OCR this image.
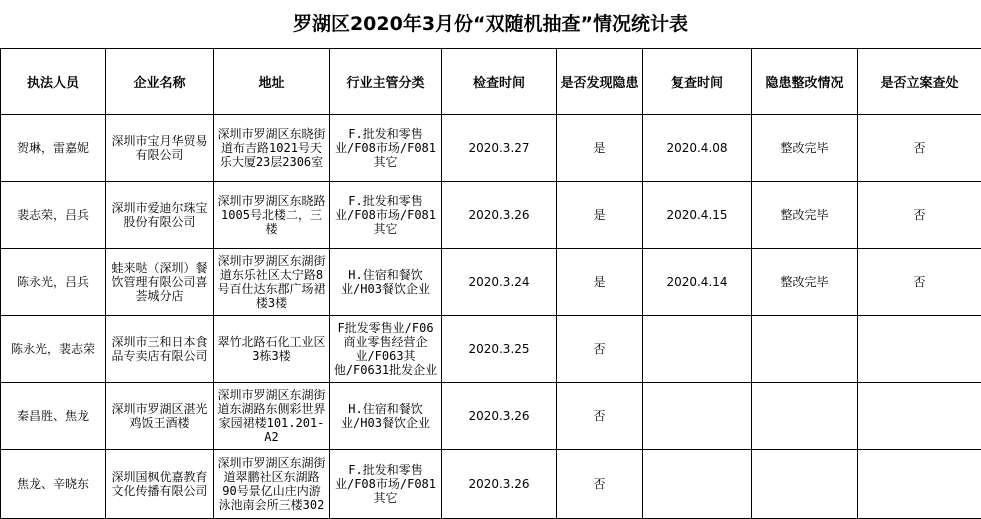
罗湖区2020年3月份“双随机抽查”情况统计表
执法人员	企业名称	地址	行业主管分类	检查时间	是否发现隐患	复查时间	隐患整改情况	是否立案查处
贺琳，雷嘉妮	深圳市宝月华贸易有限公司	深圳市罗湖区东晓街道布吉路1021号天乐大厦23层2306室	F.批发和零售业/F08市场/F081其它	2020.3.27	是	2020.4.08	整改完毕	否
裴志荣，吕兵	深圳市爱迪尔珠宝股份有限公司	深圳市罗湖区东晓路1005号北楼二，三楼	F.批发和零售业/F08市场/F081其它	2020.3.26	是	2020.4.15	整改完毕	否
陈永光，吕兵	蛙来哒（深圳）餐饮管理有限公司喜荟城分店	深圳市罗湖区东湖街道东乐社区太宁路8号百仕达东郡广场裙楼3楼	H.住宿和餐饮业/H03餐饮企业	2020.3.24	是	2020.4.14	整改完毕	否
陈永光，裴志荣	深圳市三和日本食品专卖店有限公司	翠竹北路石化工业区3栋3楼	F批发零售业/F06商业零售经营企业/F063其他/F0631批发企业	2020.3.25	否			
秦昌胜、焦龙	深圳市罗湖区湛光鸡饭王酒楼	深圳市罗湖区东湖街道东湖路东侧彩世界家园裙楼101.201-A2	H.住宿和餐饮业/H03餐饮企业	2020.3.26	否			
焦龙、辛晓东	深圳国枫优嘉教育文化传播有限公司	深圳市罗湖区东湖街道翠鹏社区东湖路90号景亿山庄内游泳池南会所三楼302	F.批发和零售业/F08市场/F081其它	2020.3.26	否			
